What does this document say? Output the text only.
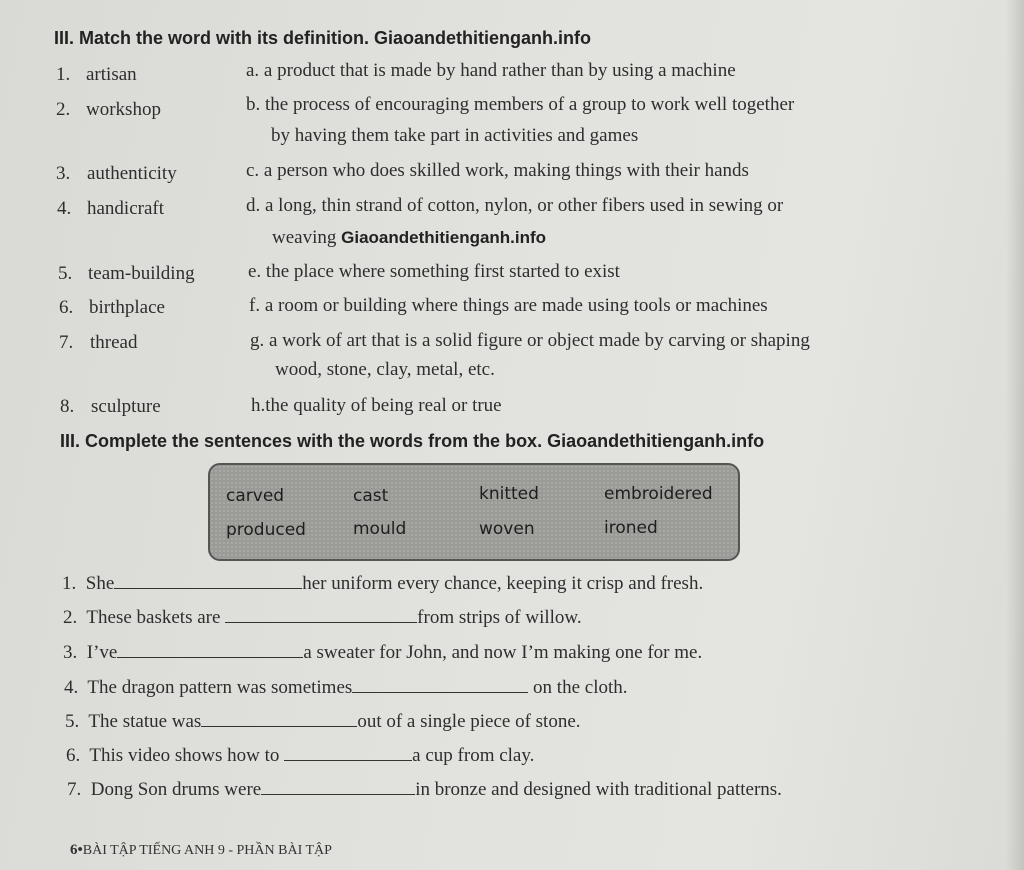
III. Match the word with its definition. Giaoandethitienganh.info
1. artisan	a. a product that is made by hand rather than by using a machine
2. workshop	b. the process of encouraging members of a group to work well together
by having them take part in activities and games
3. authenticity	c. a person who does skilled work, making things with their hands
4. handicraft	d. a long, thin strand of cotton, nylon, or other fibers used in sewing or
weaving Giaoandethitienganh.info
5. team-building	e. the place where something first started to exist
6. birthplace	f. a room or building where things are made using tools or machines
7. thread	g. a work of art that is a solid figure or object made by carving or shaping
wood, stone, clay, metal, etc.
8. sculpture	h.the quality of being real or true
III. Complete the sentences with the words from the box. Giaoandethitienganh.info
carved	cast	knitted	embroidered
produced	mould	woven	ironed
1. She	her uniform every chance, keeping it crisp and fresh.
2. These baskets are	from strips of willow.
3. I’ve	a sweater for John, and now I’m making one for me.
4. The dragon pattern was sometimes	on the cloth.
5. The statue was	out of a single piece of stone.
6. This video shows how to	a cup from clay.
7. Dong Son drums were	in bronze and designed with traditional patterns.
6•BÀI TẬP TIẾNG ANH 9 - PHẦN BÀI TẬP
